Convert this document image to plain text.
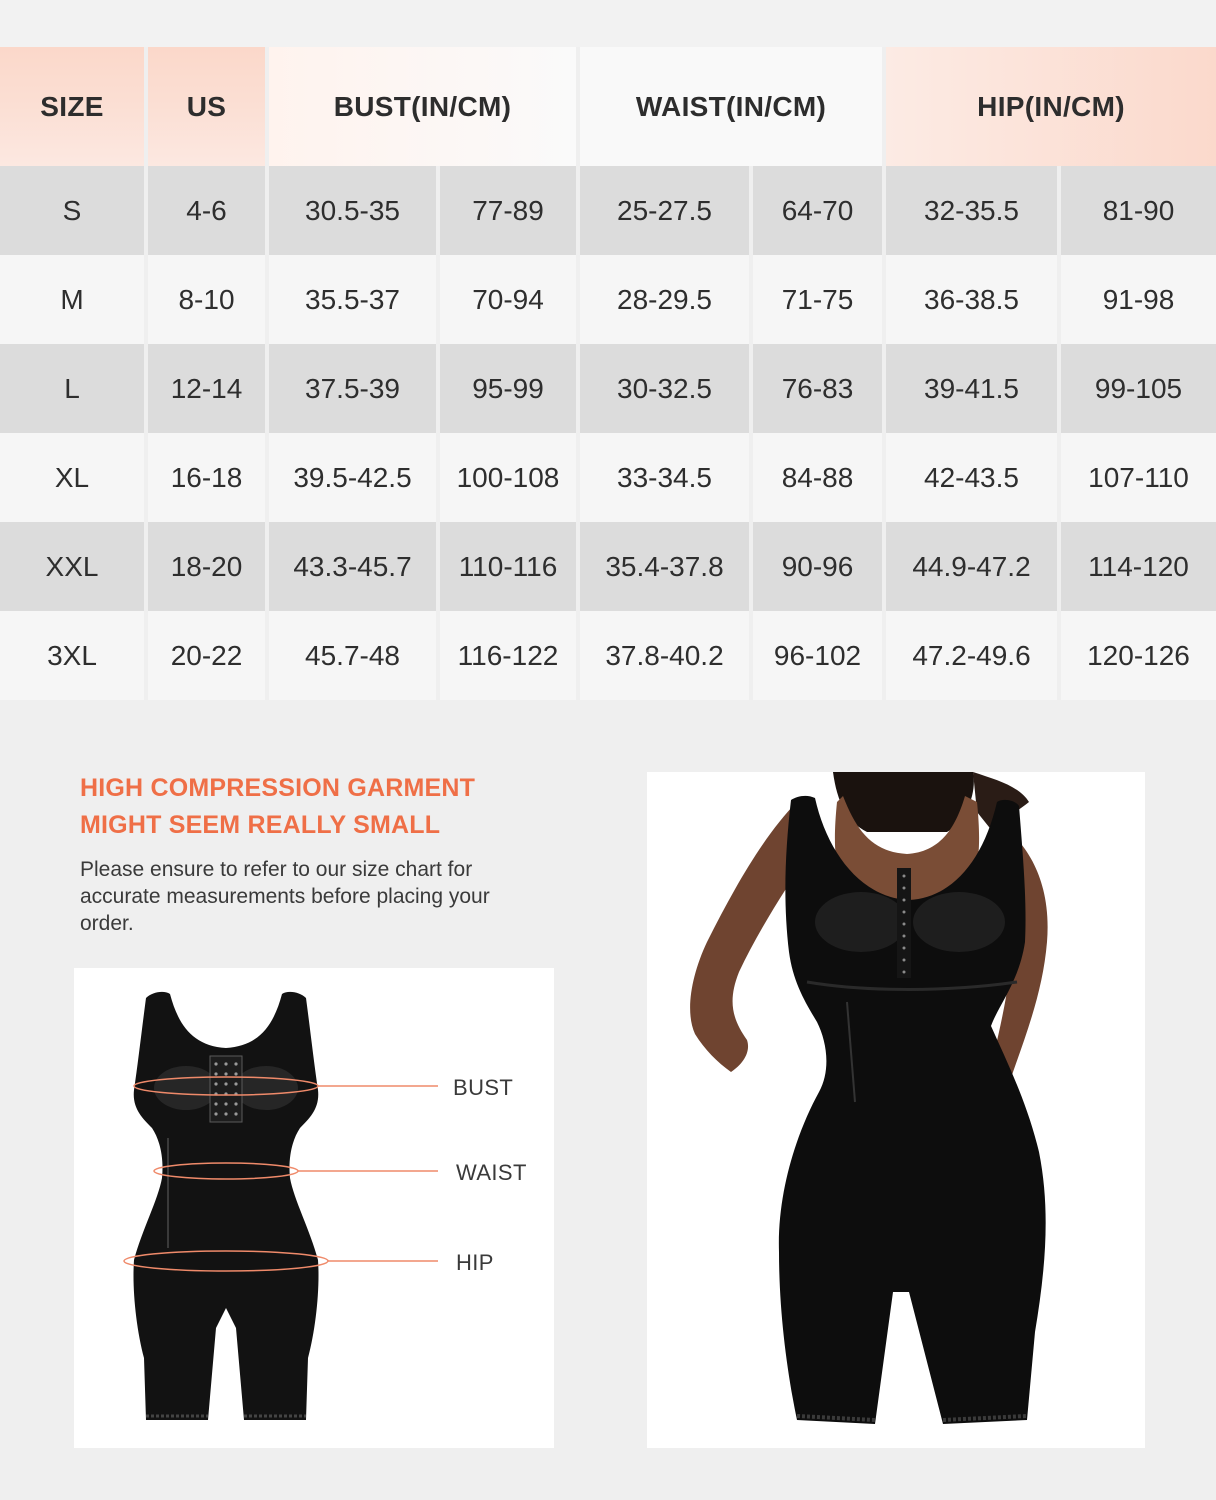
SIZE	US	BUST(IN/CM)	WAIST(IN/CM)	HIP(IN/CM)
S	4-6	30.5-35	77-89	25-27.5	64-70	32-35.5	81-90
M	8-10	35.5-37	70-94	28-29.5	71-75	36-38.5	91-98
L	12-14	37.5-39	95-99	30-32.5	76-83	39-41.5	99-105
XL	16-18	39.5-42.5	100-108	33-34.5	84-88	42-43.5	107-110
XXL	18-20	43.3-45.7	110-116	35.4-37.8	90-96	44.9-47.2	114-120
3XL	20-22	45.7-48	116-122	37.8-40.2	96-102	47.2-49.6	120-126
HIGH COMPRESSION GARMENT
MIGHT SEEM REALLY SMALL
Please ensure to refer to our size chart for accurate measurements before placing your order.
BUST
WAIST
HIP
